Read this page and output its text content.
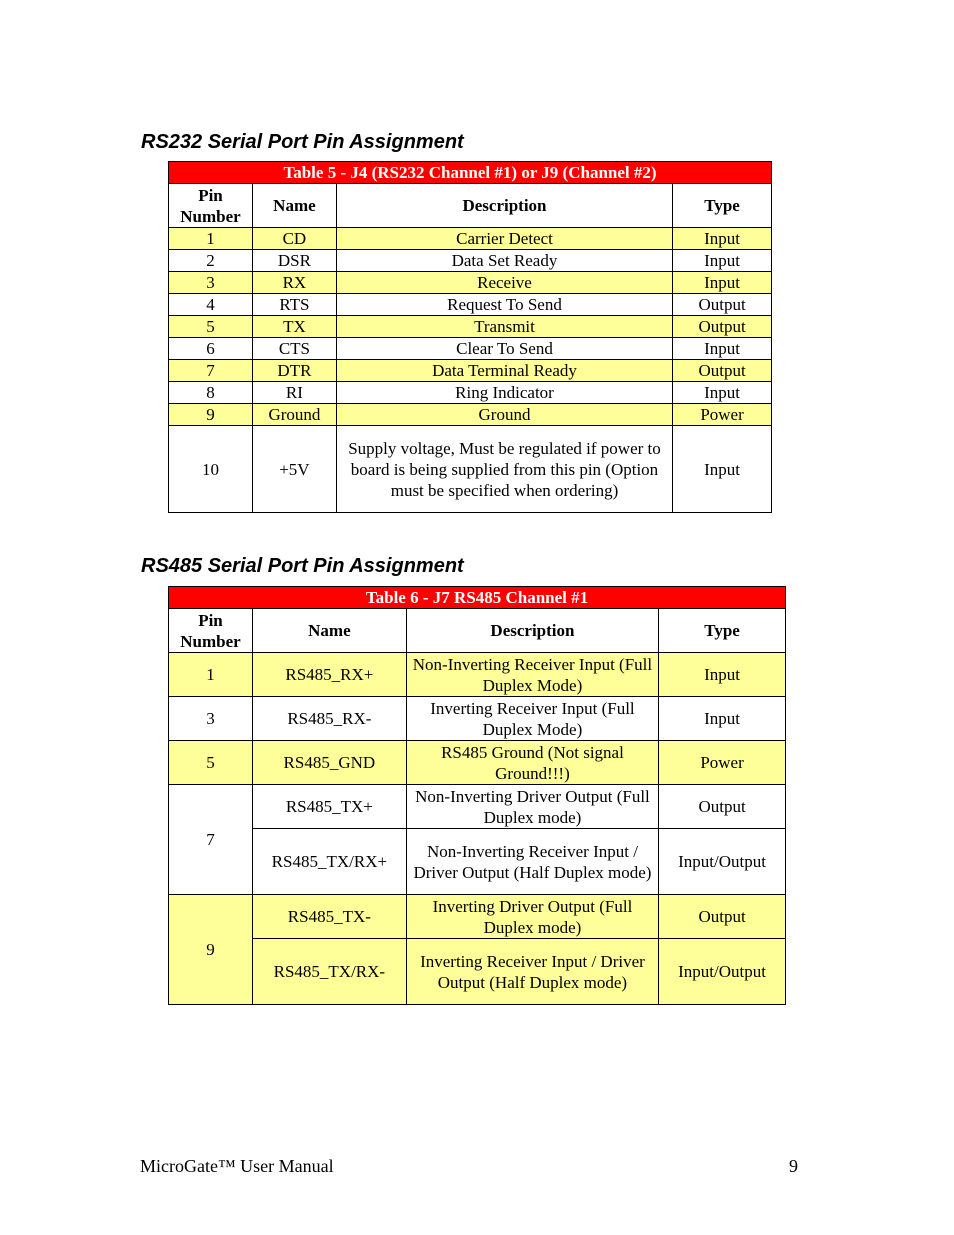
RS232 Serial Port Pin Assignment
Table 5 - J4 (RS232 Channel #1) or J9 (Channel #2)			
Pin Number	Name	Description	Type
1	CD	Carrier Detect	Input
2	DSR	Data Set Ready	Input
3	RX	Receive	Input
4	RTS	Request To Send	Output
5	TX	Transmit	Output
6	CTS	Clear To Send	Input
7	DTR	Data Terminal Ready	Output
8	RI	Ring Indicator	Input
9	Ground	Ground	Power
10	+5V	Supply voltage, Must be regulated if power to board is being supplied from this pin (Option must be specified when ordering)	Input
RS485 Serial Port Pin Assignment
Table 6 - J7 RS485 Channel #1			
Pin Number	Name	Description	Type
1	RS485_RX+	Non-Inverting Receiver Input (Full Duplex Mode)	Input
3	RS485_RX-	Inverting Receiver Input (Full Duplex Mode)	Input
5	RS485_GND	RS485 Ground (Not signal Ground!!!)	Power
7	RS485_TX+	Non-Inverting Driver Output (Full Duplex mode)	Output
	RS485_TX/RX+	Non-Inverting Receiver Input / Driver Output (Half Duplex mode)	Input/Output
9	RS485_TX-	Inverting Driver Output (Full Duplex mode)	Output
	RS485_TX/RX-	Inverting Receiver Input / Driver Output (Half Duplex mode)	Input/Output
MicroGate™ User Manual	9
